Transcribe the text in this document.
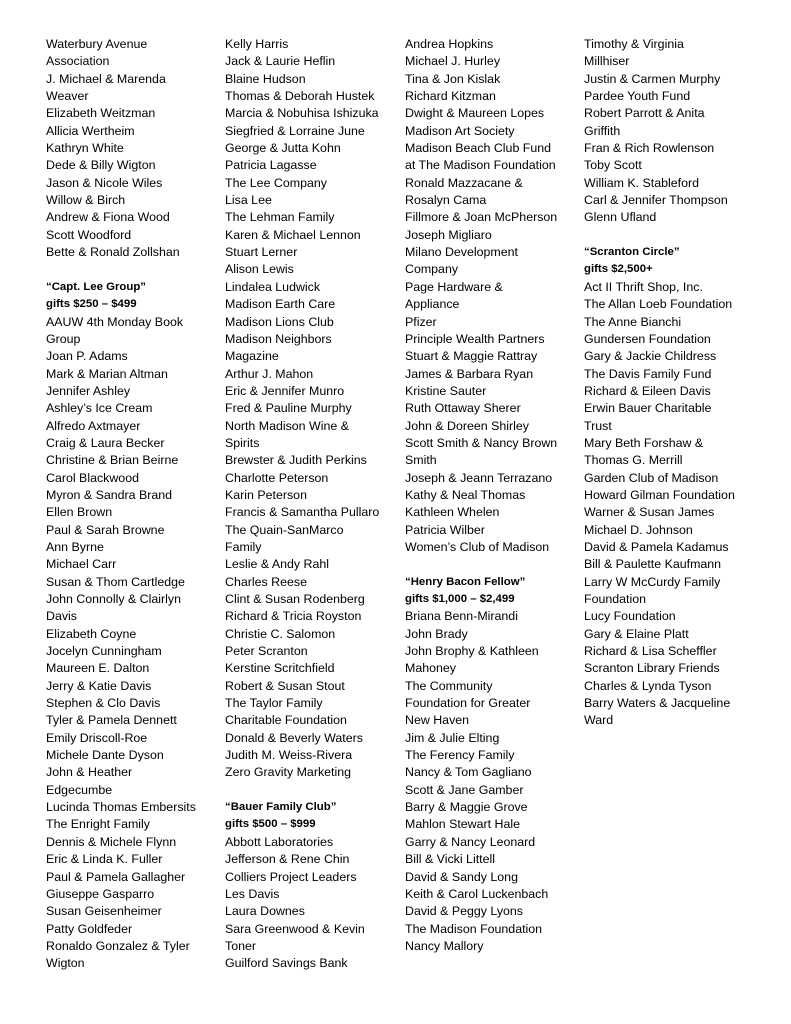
Waterbury Avenue
Association
J. Michael & Marenda
Weaver
Elizabeth Weitzman
Allicia Wertheim
Kathryn White
Dede & Billy Wigton
Jason & Nicole Wiles
Willow & Birch
Andrew & Fiona Wood
Scott Woodford
Bette & Ronald Zollshan
“Capt. Lee Group”
gifts $250 – $499
AAUW 4th Monday Book
Group
Joan P. Adams
Mark & Marian Altman
Jennifer Ashley
Ashley’s Ice Cream
Alfredo Axtmayer
Craig & Laura Becker
Christine & Brian Beirne
Carol Blackwood
Myron & Sandra Brand
Ellen Brown
Paul & Sarah Browne
Ann Byrne
Michael Carr
Susan & Thom Cartledge
John Connolly & Clairlyn
Davis
Elizabeth Coyne
Jocelyn Cunningham
Maureen E. Dalton
Jerry & Katie Davis
Stephen & Clo Davis
Tyler & Pamela Dennett
Emily Driscoll-Roe
Michele Dante Dyson
John & Heather
Edgecumbe
Lucinda Thomas Embersits
The Enright Family
Dennis & Michele Flynn
Eric & Linda K. Fuller
Paul & Pamela Gallagher
Giuseppe Gasparro
Susan Geisenheimer
Patty Goldfeder
Ronaldo Gonzalez & Tyler
Wigton
Kelly Harris
Jack & Laurie Heflin
Blaine Hudson
Thomas & Deborah Hustek
Marcia & Nobuhisa Ishizuka
Siegfried & Lorraine June
George & Jutta Kohn
Patricia Lagasse
The Lee Company
Lisa Lee
The Lehman Family
Karen & Michael Lennon
Stuart Lerner
Alison Lewis
Lindalea Ludwick
Madison Earth Care
Madison Lions Club
Madison Neighbors
Magazine
Arthur J. Mahon
Eric & Jennifer Munro
Fred & Pauline Murphy
North Madison Wine &
Spirits
Brewster & Judith Perkins
Charlotte Peterson
Karin Peterson
Francis & Samantha Pullaro
The Quain-SanMarco
Family
Leslie & Andy Rahl
Charles Reese
Clint & Susan Rodenberg
Richard & Tricia Royston
Christie C. Salomon
Peter Scranton
Kerstine Scritchfield
Robert & Susan Stout
The Taylor Family
Charitable Foundation
Donald & Beverly Waters
Judith M. Weiss-Rivera
Zero Gravity Marketing
“Bauer Family Club”
gifts $500 – $999
Abbott Laboratories
Jefferson & Rene Chin
Colliers Project Leaders
Les Davis
Laura Downes
Sara Greenwood & Kevin
Toner
Guilford Savings Bank
Andrea Hopkins
Michael J. Hurley
Tina & Jon Kislak
Richard Kitzman
Dwight & Maureen Lopes
Madison Art Society
Madison Beach Club Fund
at The Madison Foundation
Ronald Mazzacane &
Rosalyn Cama
Fillmore & Joan McPherson
Joseph Migliaro
Milano Development
Company
Page Hardware &
Appliance
Pfizer
Principle Wealth Partners
Stuart & Maggie Rattray
James & Barbara Ryan
Kristine Sauter
Ruth Ottaway Sherer
John & Doreen Shirley
Scott Smith & Nancy Brown
Smith
Joseph & Jeann Terrazano
Kathy & Neal Thomas
Kathleen Whelen
Patricia Wilber
Women’s Club of Madison
“Henry Bacon Fellow”
gifts $1,000 – $2,499
Briana Benn-Mirandi
John Brady
John Brophy & Kathleen
Mahoney
The Community
Foundation for Greater
New Haven
Jim & Julie Elting
The Ferency Family
Nancy & Tom Gagliano
Scott & Jane Gamber
Barry & Maggie Grove
Mahlon Stewart Hale
Garry & Nancy Leonard
Bill & Vicki Littell
David & Sandy Long
Keith & Carol Luckenbach
David & Peggy Lyons
The Madison Foundation
Nancy Mallory
Timothy & Virginia
Millhiser
Justin & Carmen Murphy
Pardee Youth Fund
Robert Parrott & Anita
Griffith
Fran & Rich Rowlenson
Toby Scott
William K. Stableford
Carl & Jennifer Thompson
Glenn Ufland
“Scranton Circle”
gifts $2,500+
Act II Thrift Shop, Inc.
The Allan Loeb Foundation
The Anne Bianchi
Gundersen Foundation
Gary & Jackie Childress
The Davis Family Fund
Richard & Eileen Davis
Erwin Bauer Charitable
Trust
Mary Beth Forshaw &
Thomas G. Merrill
Garden Club of Madison
Howard Gilman Foundation
Warner & Susan James
Michael D. Johnson
David & Pamela Kadamus
Bill & Paulette Kaufmann
Larry W McCurdy Family
Foundation
Lucy Foundation
Gary & Elaine Platt
Richard & Lisa Scheffler
Scranton Library Friends
Charles & Lynda Tyson
Barry Waters & Jacqueline
Ward
